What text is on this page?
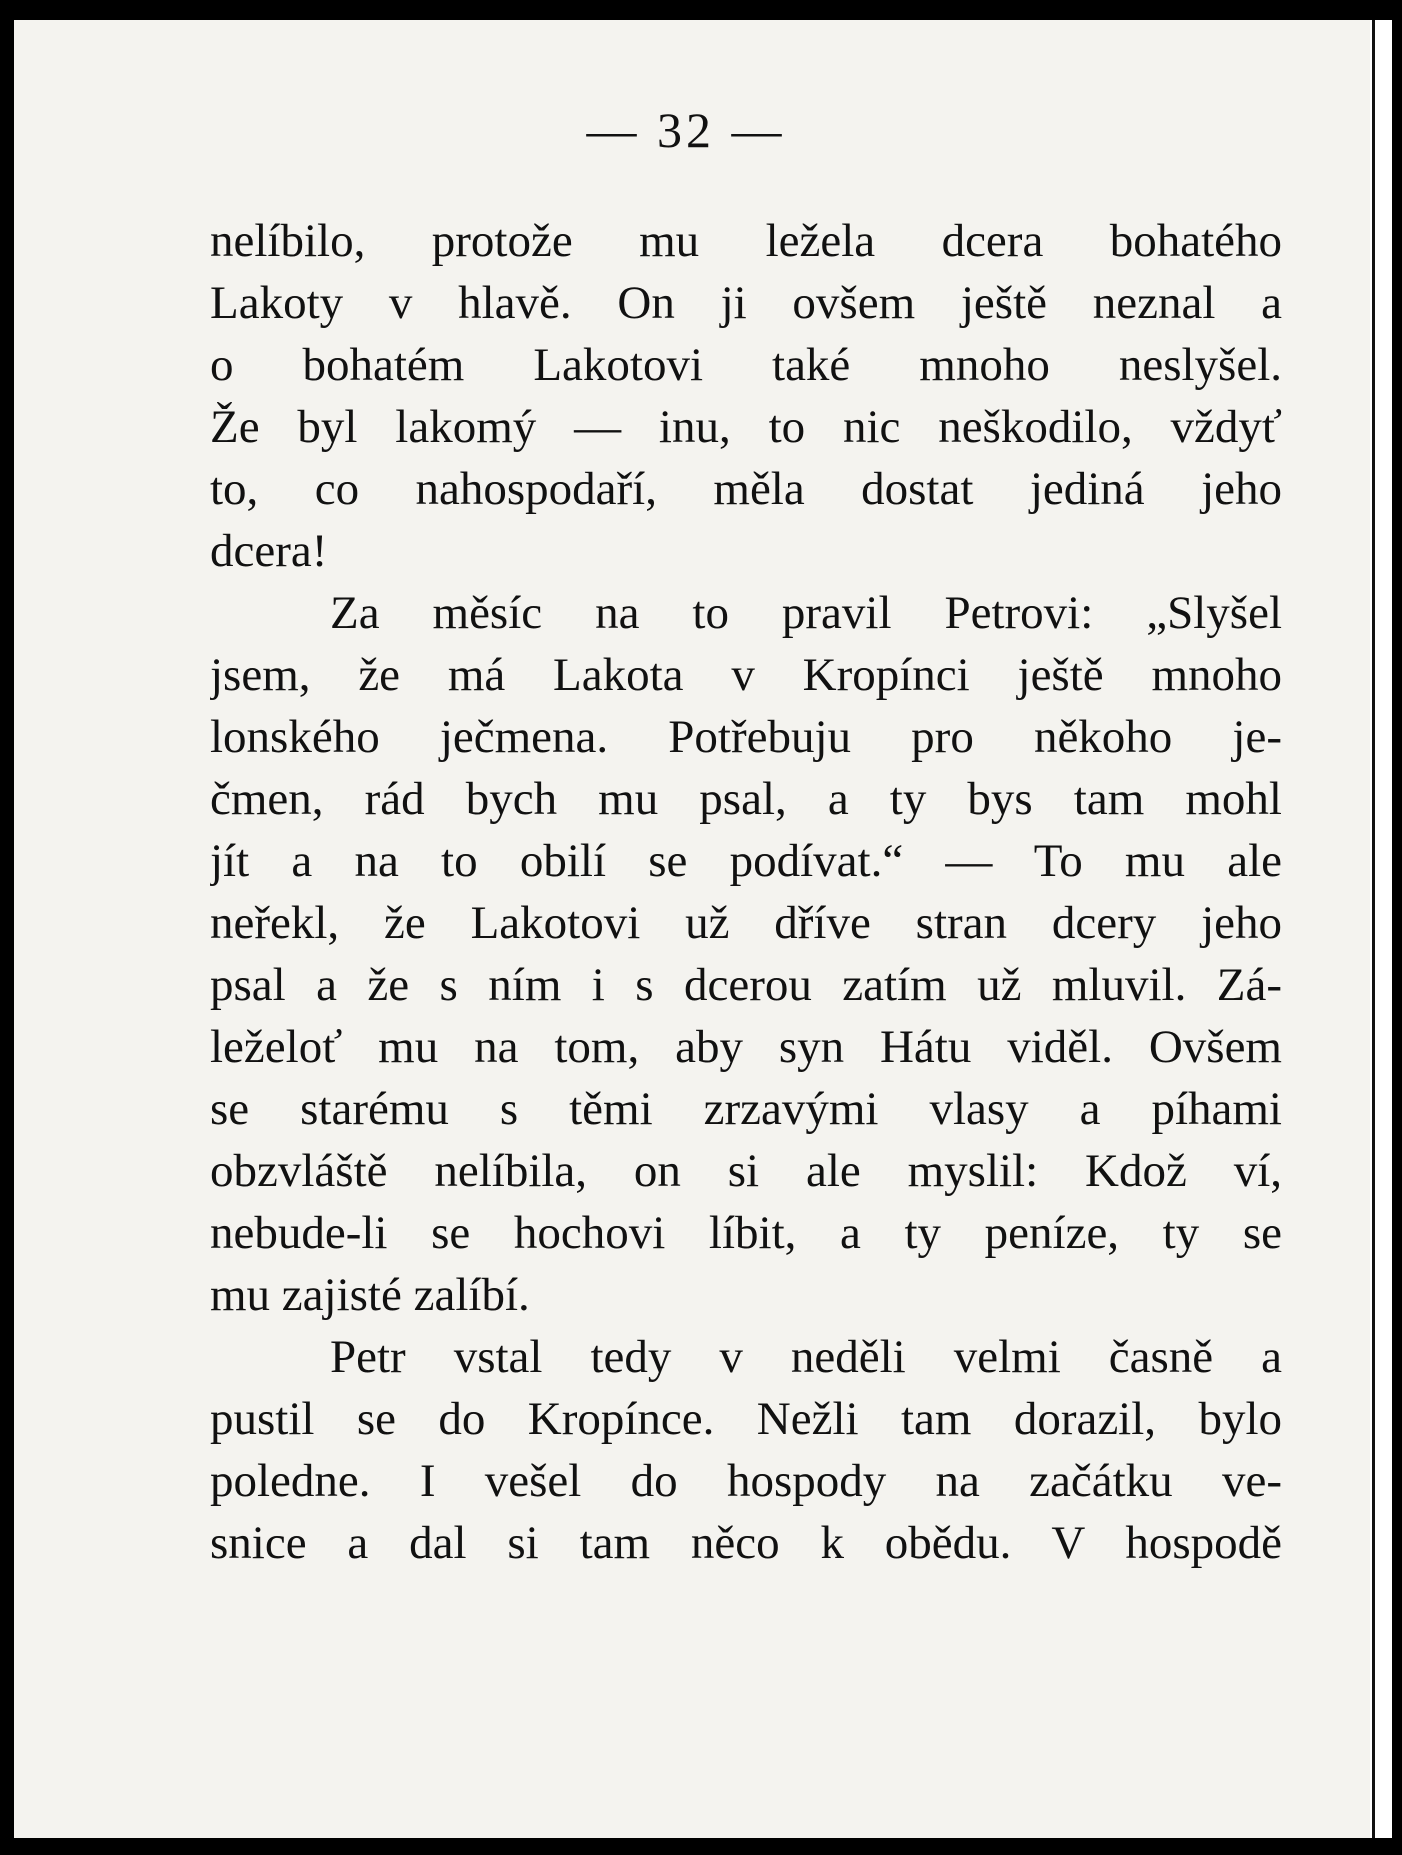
— 32 —
nelíbilo, protože mu ležela dcera bohatého
Lakoty v hlavě. On ji ovšem ještě neznal a
o bohatém Lakotovi také mnoho neslyšel.
Že byl lakomý — inu, to nic neškodilo, vždyť
to, co nahospodaří, měla dostat jediná jeho
dcera!
Za měsíc na to pravil Petrovi: „Slyšel
jsem, že má Lakota v Kropínci ještě mnoho
lonského ječmena. Potřebuju pro někoho je-
čmen, rád bych mu psal, a ty bys tam mohl
jít a na to obilí se podívat.“ — To mu ale
neřekl, že Lakotovi už dříve stran dcery jeho
psal a že s ním i s dcerou zatím už mluvil. Zá-
leželoť mu na tom, aby syn Hátu viděl. Ovšem
se starému s těmi zrzavými vlasy a píhami
obzvláště nelíbila, on si ale myslil: Kdož ví,
nebude-li se hochovi líbit, a ty peníze, ty se
mu zajisté zalíbí.
Petr vstal tedy v neděli velmi časně a
pustil se do Kropínce. Nežli tam dorazil, bylo
poledne. I vešel do hospody na začátku ve-
snice a dal si tam něco k obědu. V hospodě
